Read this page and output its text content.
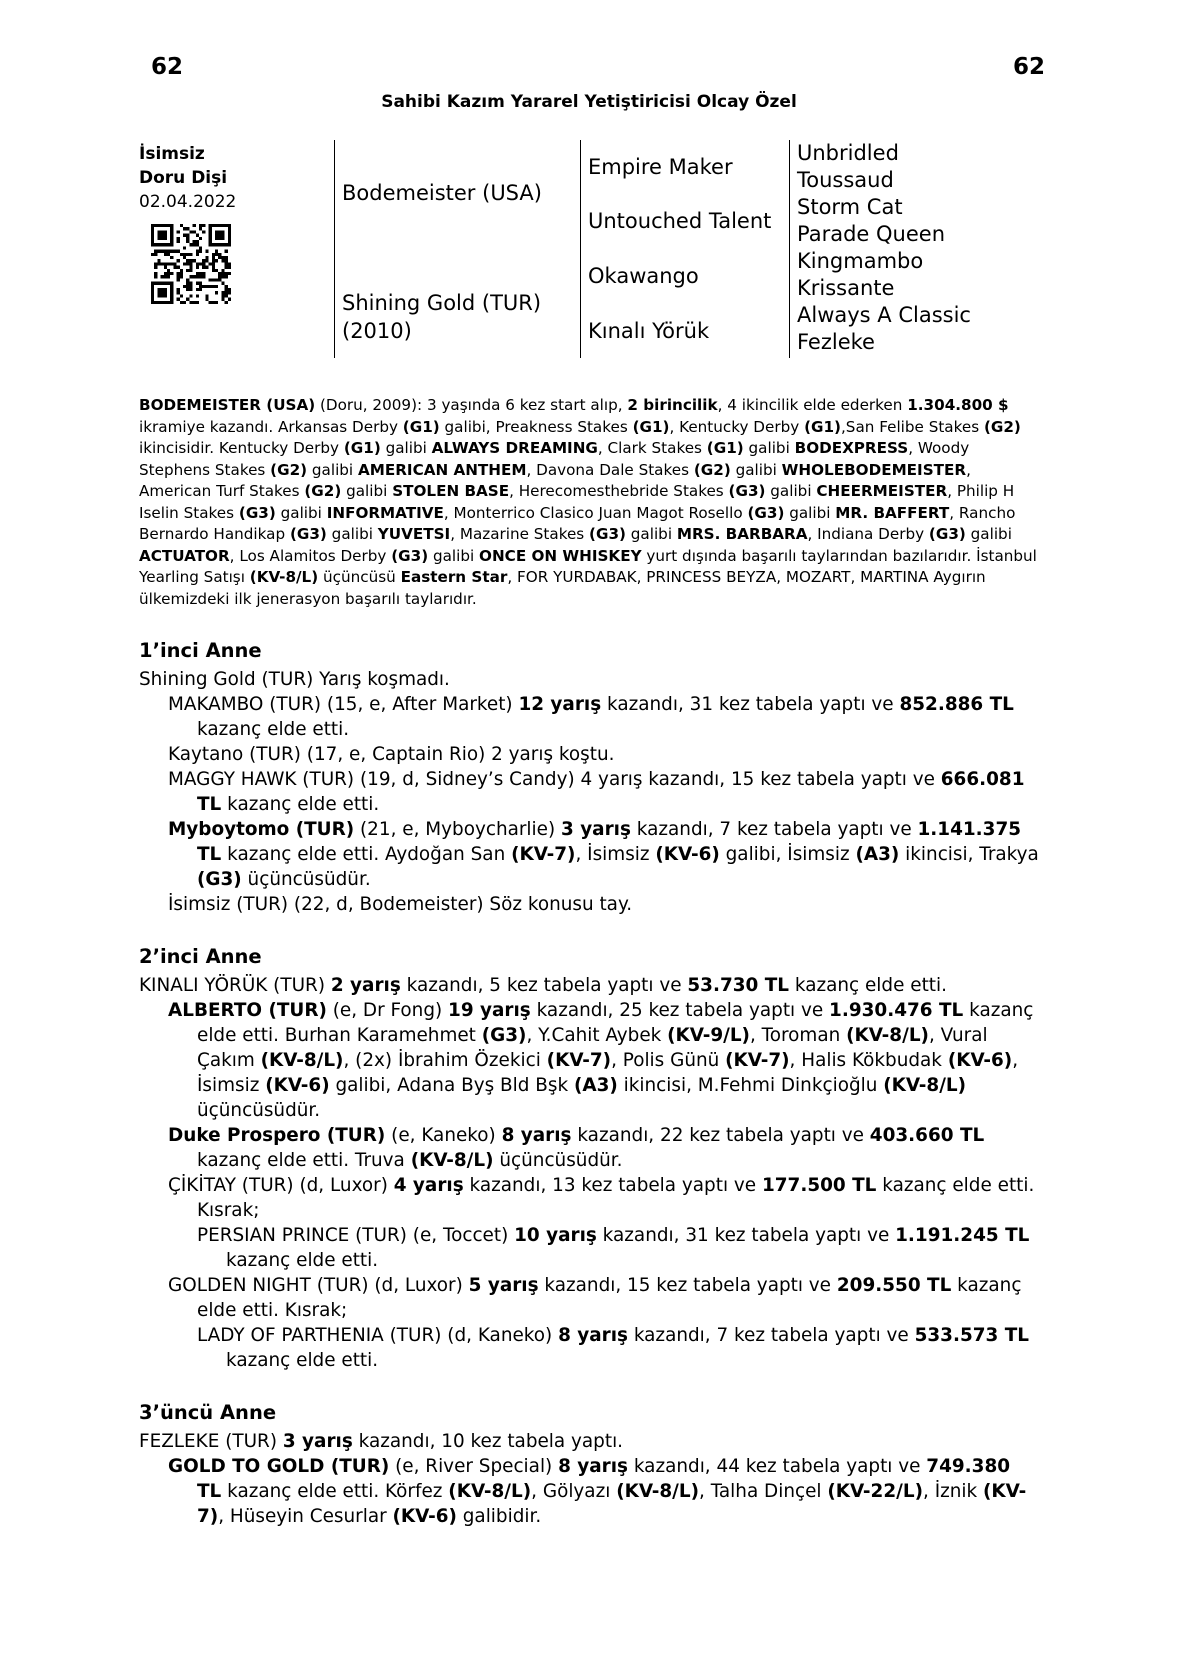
62	62
Sahibi Kazım Yararel Yetiştiricisi Olcay Özel
İsimsiz
Doru Dişi
02.04.2022	Bodemeister (USA)
Shining Gold (TUR)
(2010)
Empire Maker
Untouched Talent
Okawango
Kınalı Yörük
Unbridled
Toussaud
Storm Cat
Parade Queen
Kingmambo
Krissante
Always A Classic
Fezleke
BODEMEISTER (USA) (Doru, 2009): 3 yaşında 6 kez start alıp, 2 birincilik, 4 ikincilik elde ederken 1.304.800 $ ikramiye kazandı. Arkansas Derby (G1) galibi, Preakness Stakes (G1), Kentucky Derby (G1),San Felibe Stakes (G2) ikincisidir. Kentucky Derby (G1) galibi ALWAYS DREAMING, Clark Stakes (G1) galibi BODEXPRESS, Woody Stephens Stakes (G2) galibi AMERICAN ANTHEM, Davona Dale Stakes (G2) galibi WHOLEBODEMEISTER, American Turf Stakes (G2) galibi STOLEN BASE, Herecomesthebride Stakes (G3) galibi CHEERMEISTER, Philip H Iselin Stakes (G3) galibi INFORMATIVE, Monterrico Clasico Juan Magot Rosello (G3) galibi MR. BAFFERT, Rancho Bernardo Handikap (G3) galibi YUVETSI, Mazarine Stakes (G3) galibi MRS. BARBARA, Indiana Derby (G3) galibi ACTUATOR, Los Alamitos Derby (G3) galibi ONCE ON WHISKEY yurt dışında başarılı taylarından bazılarıdır. İstanbul Yearling Satışı (KV-8/L) üçüncüsü Eastern Star, FOR YURDABAK, PRINCESS BEYZA, MOZART, MARTINA Aygırın ülkemizdeki ilk jenerasyon başarılı taylarıdır.
1’inci Anne
Shining Gold (TUR) Yarış koşmadı.
MAKAMBO (TUR) (15, e, After Market) 12 yarış kazandı, 31 kez tabela yaptı ve 852.886 TL kazanç elde etti.
Kaytano (TUR) (17, e, Captain Rio) 2 yarış koştu.
MAGGY HAWK (TUR) (19, d, Sidney’s Candy) 4 yarış kazandı, 15 kez tabela yaptı ve 666.081 TL kazanç elde etti.
Myboytomo (TUR) (21, e, Myboycharlie) 3 yarış kazandı, 7 kez tabela yaptı ve 1.141.375 TL kazanç elde etti. Aydoğan San (KV-7), İsimsiz (KV-6) galibi, İsimsiz (A3) ikincisi, Trakya (G3) üçüncüsüdür.
İsimsiz (TUR) (22, d, Bodemeister) Söz konusu tay.
2’inci Anne
KINALI YÖRÜK (TUR) 2 yarış kazandı, 5 kez tabela yaptı ve 53.730 TL kazanç elde etti.
ALBERTO (TUR) (e, Dr Fong) 19 yarış kazandı, 25 kez tabela yaptı ve 1.930.476 TL kazanç elde etti. Burhan Karamehmet (G3), Y.Cahit Aybek (KV-9/L), Toroman (KV-8/L), Vural Çakım (KV-8/L), (2x) İbrahim Özekici (KV-7), Polis Günü (KV-7), Halis Kökbudak (KV-6), İsimsiz (KV-6) galibi, Adana Byş Bld Bşk (A3) ikincisi, M.Fehmi Dinkçioğlu (KV-8/L) üçüncüsüdür.
Duke Prospero (TUR) (e, Kaneko) 8 yarış kazandı, 22 kez tabela yaptı ve 403.660 TL kazanç elde etti. Truva (KV-8/L) üçüncüsüdür.
ÇİKİTAY (TUR) (d, Luxor) 4 yarış kazandı, 13 kez tabela yaptı ve 177.500 TL kazanç elde etti. Kısrak;
PERSIAN PRINCE (TUR) (e, Toccet) 10 yarış kazandı, 31 kez tabela yaptı ve 1.191.245 TL kazanç elde etti.
GOLDEN NIGHT (TUR) (d, Luxor) 5 yarış kazandı, 15 kez tabela yaptı ve 209.550 TL kazanç elde etti. Kısrak;
LADY OF PARTHENIA (TUR) (d, Kaneko) 8 yarış kazandı, 7 kez tabela yaptı ve 533.573 TL kazanç elde etti.
3’üncü Anne
FEZLEKE (TUR) 3 yarış kazandı, 10 kez tabela yaptı.
GOLD TO GOLD (TUR) (e, River Special) 8 yarış kazandı, 44 kez tabela yaptı ve 749.380 TL kazanç elde etti. Körfez (KV-8/L), Gölyazı (KV-8/L), Talha Dinçel (KV-22/L), İznik (KV-7), Hüseyin Cesurlar (KV-6) galibidir.
